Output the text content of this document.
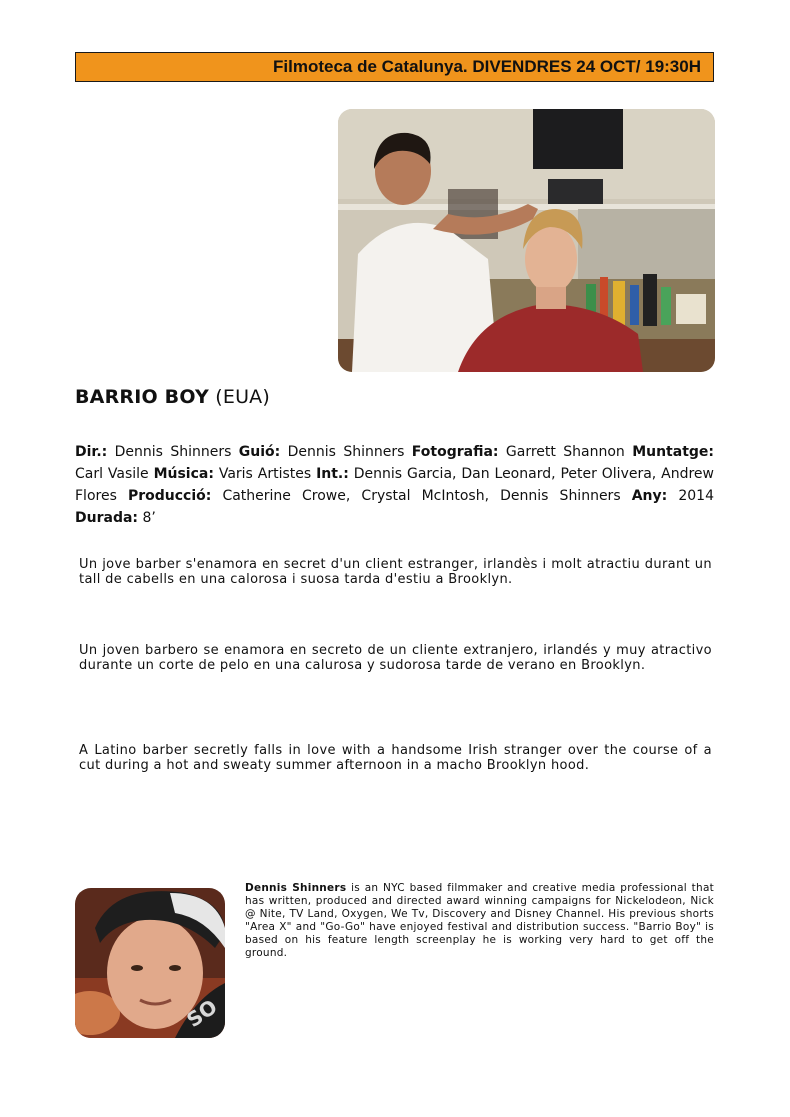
Filmoteca de Catalunya. DIVENDRES 24 OCT/ 19:30H
BARRIO BOY (EUA)
Dir.: Dennis Shinners Guió: Dennis Shinners Fotografia: Garrett Shannon Muntatge: Carl Vasile Música: Varis Artistes Int.: Dennis Garcia, Dan Leonard, Peter Olivera, Andrew Flores Producció: Catherine Crowe, Crystal McIntosh, Dennis Shinners Any: 2014 Durada: 8’
Un jove barber s'enamora en secret d'un client estranger, irlandès i molt atractiu durant un tall de cabells en una calorosa i suosa tarda d'estiu a Brooklyn.
Un joven barbero se enamora en secreto de un cliente extranjero, irlandés y muy atractivo durante un corte de pelo en una calurosa y sudorosa tarde de verano en Brooklyn.
A Latino barber secretly falls in love with a handsome Irish stranger over the course of a cut during a hot and sweaty summer afternoon in a macho Brooklyn hood.
SO
Dennis Shinners is an NYC based filmmaker and creative media professional that has written, produced and directed award winning campaigns for Nickelodeon, Nick @ Nite, TV Land, Oxygen, We Tv, Discovery and Disney Channel. His previous shorts "Area X" and "Go-Go" have enjoyed festival and distribution success. "Barrio Boy" is based on his feature length screenplay he is working very hard to get off the ground.
